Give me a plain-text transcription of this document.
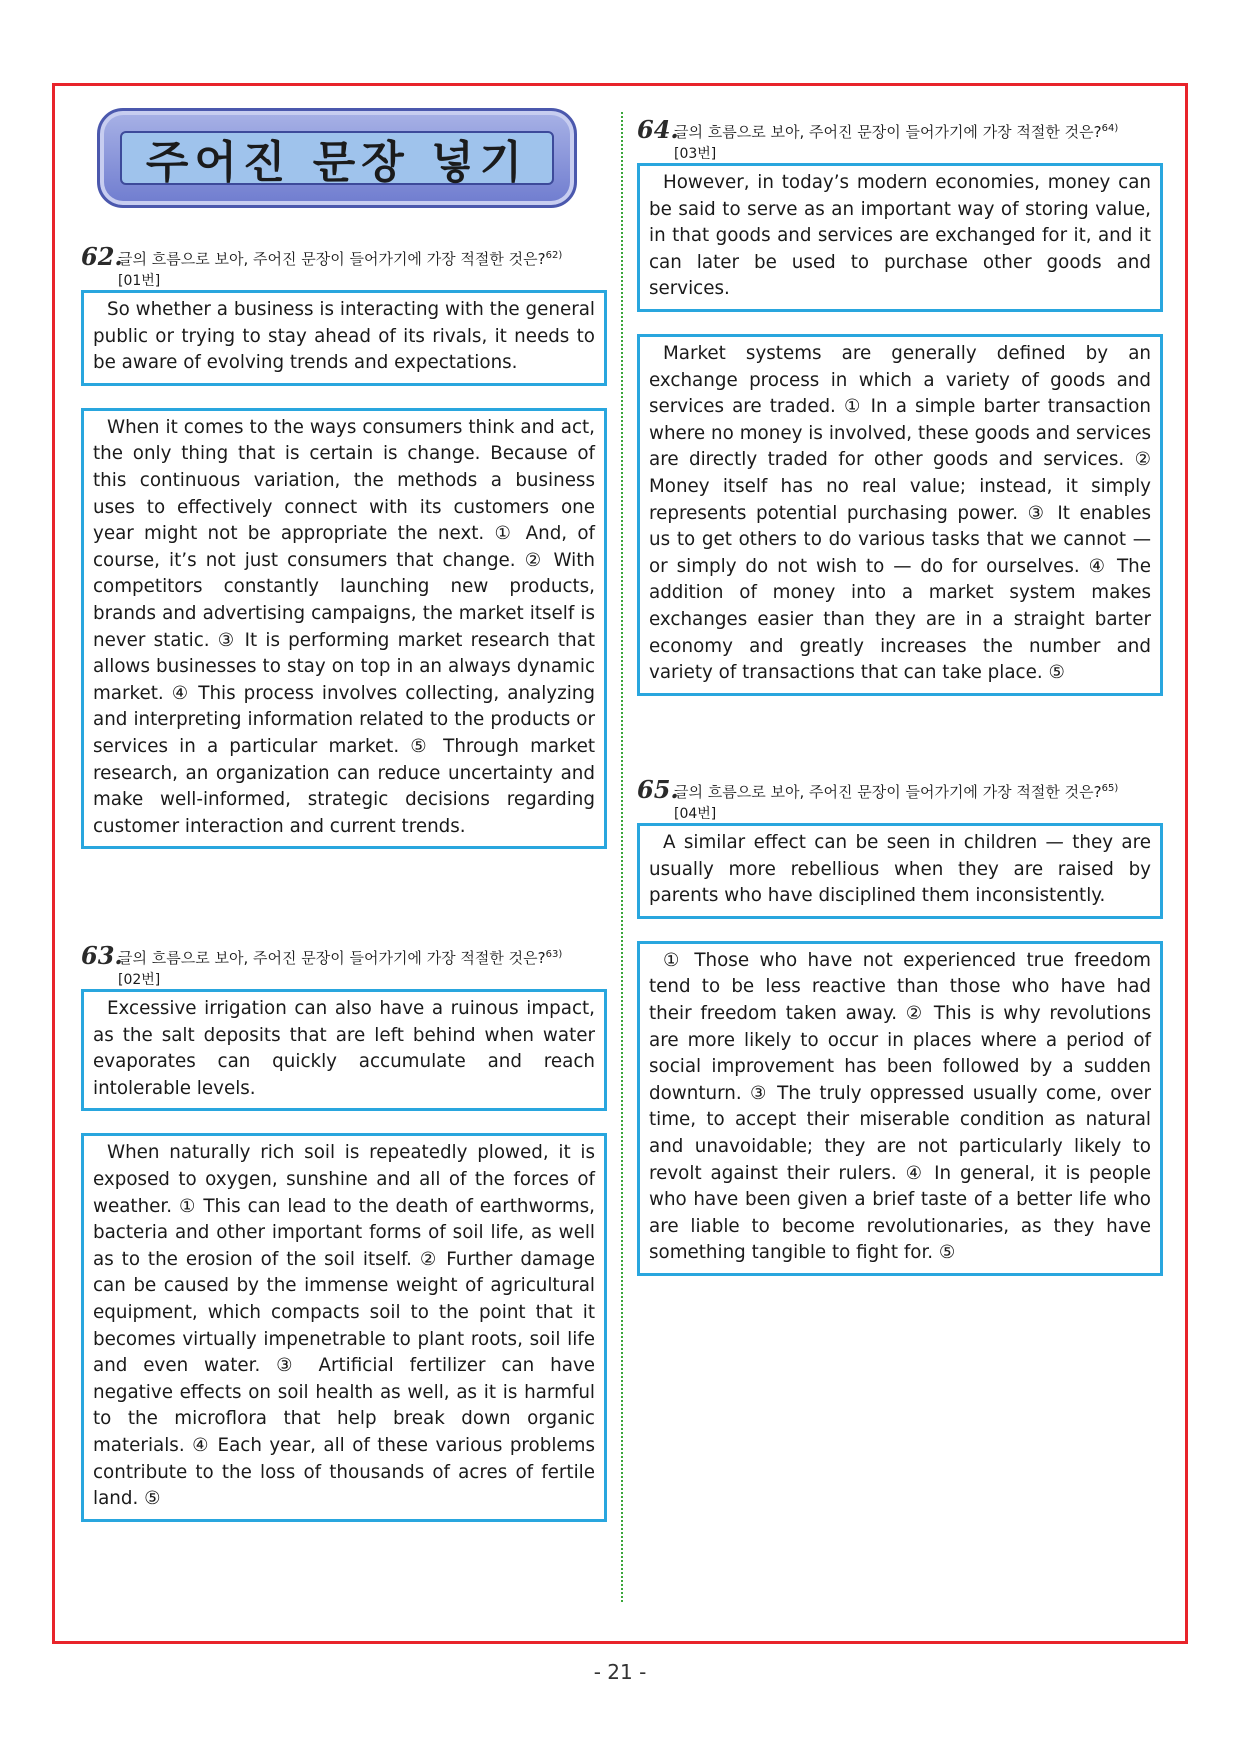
주어진 문장 넣기
62.
글의 흐름으로 보아, 주어진 문장이 들어가기에 가장 적절한 것은?$^{62)}$
[01번]
So whether a business is interacting with the general public or trying to stay ahead of its rivals, it needs to be aware of evolving trends and expectations.
When it comes to the ways consumers think and act, the only thing that is certain is change. Because of this continuous variation, the methods a business uses to effectively connect with its customers one year might not be appropriate the next. ① And, of course, it’s not just consumers that change. ② With competitors constantly launching new products, brands and advertising campaigns, the market itself is never static. ③ It is performing market research that allows businesses to stay on top in an always dynamic market. ④ This process involves collecting, analyzing and interpreting information related to the products or services in a particular market. ⑤ Through market research, an organization can reduce uncertainty and make well-informed, strategic decisions regarding customer interaction and current trends.
63.
글의 흐름으로 보아, 주어진 문장이 들어가기에 가장 적절한 것은?$^{63)}$
[02번]
Excessive irrigation can also have a ruinous impact, as the salt deposits that are left behind when water evaporates can quickly accumulate and reach intolerable levels.
When naturally rich soil is repeatedly plowed, it is exposed to oxygen, sunshine and all of the forces of weather. ① This can lead to the death of earthworms, bacteria and other important forms of soil life, as well as to the erosion of the soil itself. ② Further damage can be caused by the immense weight of agricultural equipment, which compacts soil to the point that it becomes virtually impenetrable to plant roots, soil life and even water. ③ Artificial fertilizer can have negative effects on soil health as well, as it is harmful to the microflora that help break down organic materials. ④ Each year, all of these various problems contribute to the loss of thousands of acres of fertile land. ⑤
64.
글의 흐름으로 보아, 주어진 문장이 들어가기에 가장 적절한 것은?$^{64)}$
[03번]
However, in today’s modern economies, money can be said to serve as an important way of storing value, in that goods and services are exchanged for it, and it can later be used to purchase other goods and services.
Market systems are generally defined by an exchange process in which a variety of goods and services are traded. ① In a simple barter transaction where no money is involved, these goods and services are directly traded for other goods and services. ② Money itself has no real value; instead, it simply represents potential purchasing power. ③ It enables us to get others to do various tasks that we cannot — or simply do not wish to — do for ourselves. ④ The addition of money into a market system makes exchanges easier than they are in a straight barter economy and greatly increases the number and variety of transactions that can take place. ⑤
65.
글의 흐름으로 보아, 주어진 문장이 들어가기에 가장 적절한 것은?$^{65)}$
[04번]
A similar effect can be seen in children — they are usually more rebellious when they are raised by parents who have disciplined them inconsistently.
① Those who have not experienced true freedom tend to be less reactive than those who have had their freedom taken away. ② This is why revolutions are more likely to occur in places where a period of social improvement has been followed by a sudden downturn. ③ The truly oppressed usually come, over time, to accept their miserable condition as natural and unavoidable; they are not particularly likely to revolt against their rulers. ④ In general, it is people who have been given a brief taste of a better life who are liable to become revolutionaries, as they have something tangible to fight for. ⑤
- 21 -
